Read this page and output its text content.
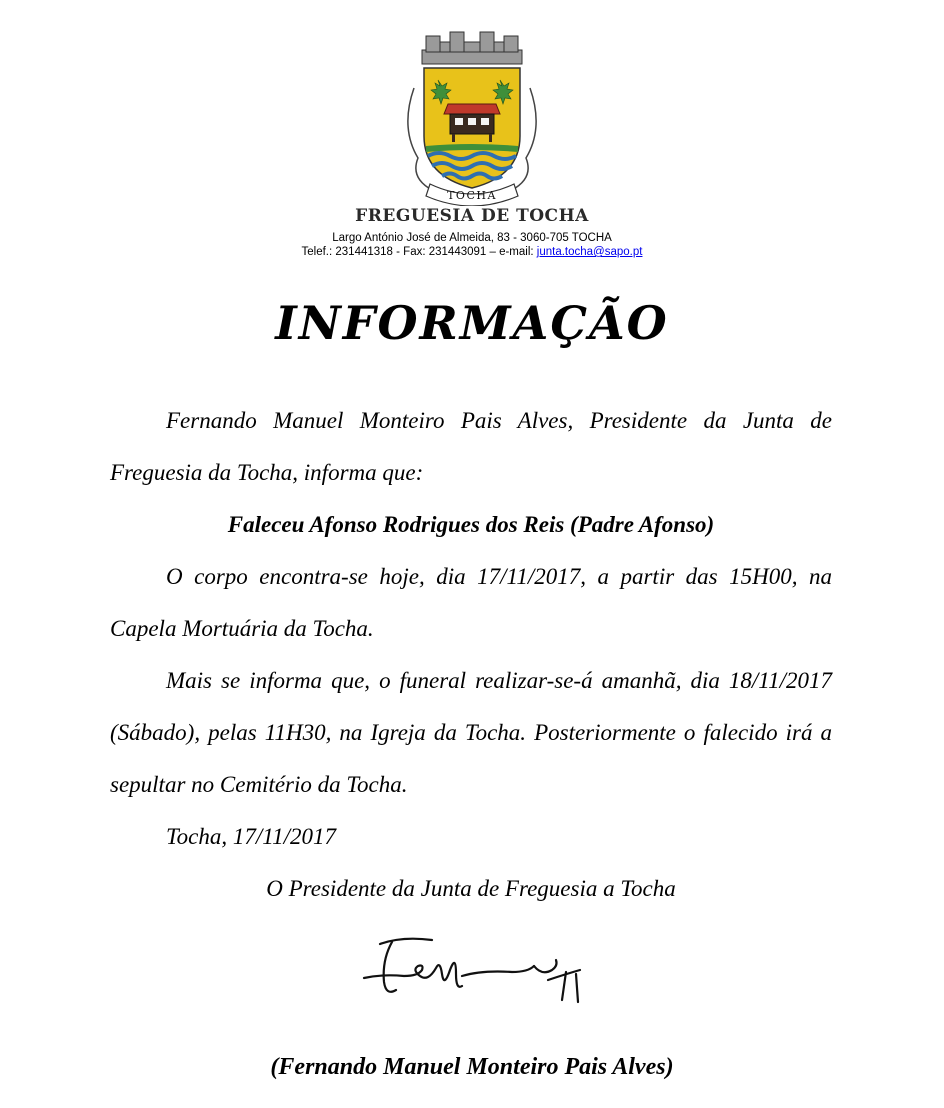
TOCHA
FREGUESIA DE TOCHA
Largo António José de Almeida, 83 - 3060-705 TOCHA
Telef.: 231441318 - Fax: 231443091 – e-mail: junta.tocha@sapo.pt
INFORMAÇÃO

Fernando Manuel Monteiro Pais Alves, Presidente da Junta de Freguesia da Tocha, informa que:

Faleceu Afonso Rodrigues dos Reis (Padre Afonso)

O corpo encontra-se hoje, dia 17/11/2017, a partir das 15H00, na Capela Mortuária da Tocha.

Mais se informa que, o funeral realizar-se-á amanhã, dia 18/11/2017 (Sábado), pelas 11H30, na Igreja da Tocha. Posteriormente o falecido irá a sepultar no Cemitério da Tocha.

Tocha, 17/11/2017

O Presidente da Junta de Freguesia a Tocha

(Fernando Manuel Monteiro Pais Alves)
